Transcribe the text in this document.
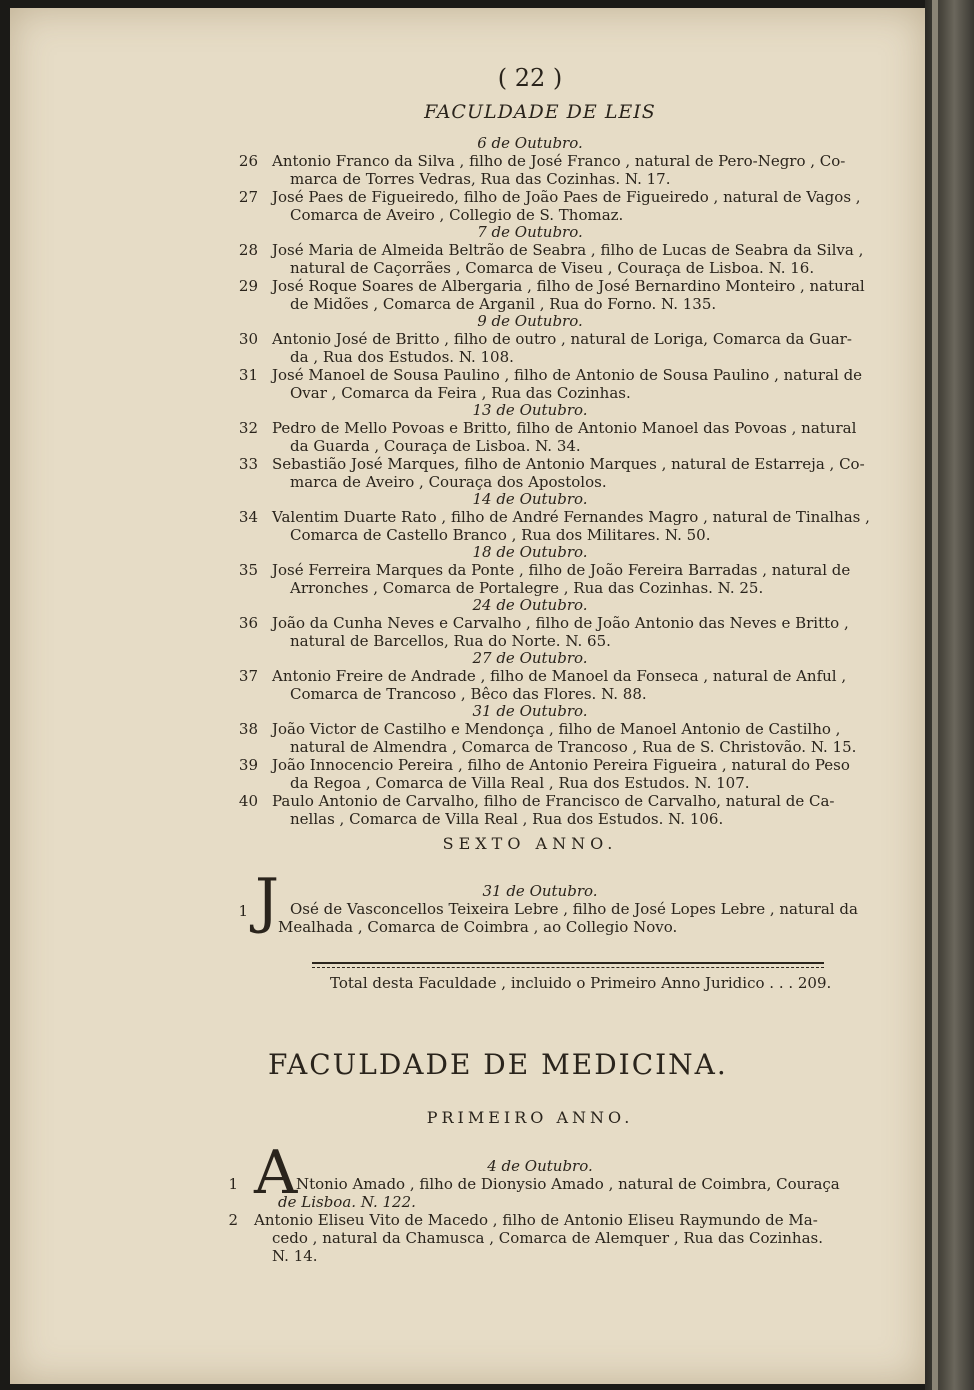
( 22 )
FACULDADE DE LEIS
6 de Outubro.
26 Antonio Franco da Silva , filho de José Franco , natural de Pero-Negro , Co-
marca de Torres Vedras, Rua das Cozinhas. N. 17.
27 José Paes de Figueiredo, filho de João Paes de Figueiredo , natural de Vagos ,
Comarca de Aveiro , Collegio de S. Thomaz.
7 de Outubro.
28 José Maria de Almeida Beltrão de Seabra , filho de Lucas de Seabra da Silva ,
natural de Caçorrães , Comarca de Viseu , Couraça de Lisboa. N. 16.
29 José Roque Soares de Albergaria , filho de José Bernardino Monteiro , natural
de Midões , Comarca de Arganil , Rua do Forno. N. 135.
9 de Outubro.
30 Antonio José de Britto , filho de outro , natural de Loriga, Comarca da Guar-
da , Rua dos Estudos. N. 108.
31 José Manoel de Sousa Paulino , filho de Antonio de Sousa Paulino , natural de
Ovar , Comarca da Feira , Rua das Cozinhas.
13 de Outubro.
32 Pedro de Mello Povoas e Britto, filho de Antonio Manoel das Povoas , natural
da Guarda , Couraça de Lisboa. N. 34.
33 Sebastião José Marques, filho de Antonio Marques , natural de Estarreja , Co-
marca de Aveiro , Couraça dos Apostolos.
14 de Outubro.
34 Valentim Duarte Rato , filho de André Fernandes Magro , natural de Tinalhas ,
Comarca de Castello Branco , Rua dos Militares. N. 50.
18 de Outubro.
35 José Ferreira Marques da Ponte , filho de João Fereira Barradas , natural de
Arronches , Comarca de Portalegre , Rua das Cozinhas. N. 25.
24 de Outubro.
36 João da Cunha Neves e Carvalho , filho de João Antonio das Neves e Britto ,
natural de Barcellos, Rua do Norte. N. 65.
27 de Outubro.
37 Antonio Freire de Andrade , filho de Manoel da Fonseca , natural de Anful ,
Comarca de Trancoso , Bêco das Flores. N. 88.
31 de Outubro.
38 João Victor de Castilho e Mendonça , filho de Manoel Antonio de Castilho ,
natural de Almendra , Comarca de Trancoso , Rua de S. Christovão. N. 15.
39 João Innocencio Pereira , filho de Antonio Pereira Figueira , natural do Peso
da Regoa , Comarca de Villa Real , Rua dos Estudos. N. 107.
40 Paulo Antonio de Carvalho, filho de Francisco de Carvalho, natural de Ca-
nellas , Comarca de Villa Real , Rua dos Estudos. N. 106.
SEXTO ANNO.
31 de Outubro.
1 J Osé de Vasconcellos Teixeira Lebre , filho de José Lopes Lebre , natural da
Mealhada , Comarca de Coimbra , ao Collegio Novo.
Total desta Faculdade , incluido o Primeiro Anno Juridico . . . 209.
FACULDADE DE MEDICINA.
PRIMEIRO ANNO.
4 de Outubro.
1 A
Ntonio Amado , filho de Dionysio Amado , natural de Coimbra, Couraça
de Lisboa. N. 122.
2 Antonio Eliseu Vito de Macedo , filho de Antonio Eliseu Raymundo de Ma-
cedo , natural da Chamusca , Comarca de Alemquer , Rua das Cozinhas.
N. 14.
